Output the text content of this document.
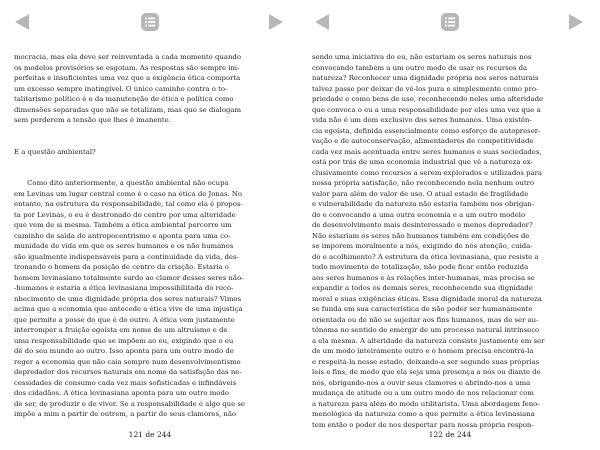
mocracia, mas ela deve ser reinventada a cada momento quando
os modelos provisórios se esgotam. As respostas são sempre im-
perfeitas e insuficientes uma vez que a exigência ética comporta
um excesso sempre inatingível. O único caminho contra o to-
talitarismo político é o da manutenção de ética e política como
dimensões separadas que não se totalizam, mas que se dialogam
sem perderem a tensão que lhes é imanente.

E a questão ambiental?

Como dito anteriormente, a questão ambiental não ocupa
em Levinas um lugar central como é o caso na ética de Jonas. No
entanto, na estrutura da responsabilidade, tal como ela é propos-
ta por Levinas, o eu é destronado do centro por uma alteridade
que vem de si mesma. Também a ética ambiental percorre um
caminho de saída do antropocentrismo e aponta para uma co-
munidade de vida em que os seres humanos e os não humanos
são igualmente indispensáveis para a continuidade da vida, des-
tronando o homem da posição de centro da criação. Estaria o
homem levinasiano totalmente surdo ao clamor desses seres não-
-humanos e estaria a ética levinasiana impossibilitada do reco-
nhecimento de uma dignidade própria dos seres naturais? Vimos
acima que a economia que antecede a ética vive de uma injustiça
que permite a posse do que é do outro. A ética vem justamente
interromper a fruição egoísta em nome de um altruísmo e de
uma responsabilidade que se impõem ao eu, exigindo que o eu
dê do seu mundo ao outro. Isso aponta para um outro modo de
reger a economia que não caia sempre num desenvolvimentismo
depredador dos recursos naturais em nome da satisfação das ne-
cessidades de consumo cada vez mais sofisticadas e infindáveis
dos cidadãos. A ética levinasiana aponta para um outro modo
de ser, de produzir e de viver. Se a responsabilidade é algo que se
impõe a mim a partir de outrem, a partir de seus clamores, não
121 de 244
sendo uma iniciativa do eu, não estariam os seres naturais nos
convocando também a um outro modo de usar os recursos da
natureza? Reconhecer uma dignidade própria nos seres naturais
talvez passe por deixar de vê-los pura e simplesmente como pro-
priedade e como bens de uso, reconhecendo neles uma alteridade
que convoca o eu a uma responsabilidade por eles uma vez que a
vida não é um dom exclusivo dos seres humanos. Uma existên-
cia egoísta, definida essencialmente como esforço de autopreser-
vação e de autoconservação, alimentadores de competitividade
cada vez mais acentuada entre seres humanos e suas sociedades,
está por trás de uma economia industrial que vê a natureza ex-
clusivamente como recursos a serem explorados e utilizados para
nossa própria satisfação, não reconhecendo nela nenhum outro
valor para além do valor de uso. O atual estado de fragilidade
e vulnerabilidade da natureza não estaria também nos obrigan-
do e convocando a uma outra economia e a um outro modelo
de desenvolvimento mais desinteressado e menos depredador?
Não estariam os seres não humanos também em condições de
se imporem moralmente a nós, exigindo de nós atenção, cuida-
do e acolhimento? A estrutura da ética levinasiana, que resiste a
todo movimento de totalização, não pode ficar então reduzida
aos seres humanos e às relações inter-humanas, mas precisa se
expandir a todos os demais seres, reconhecendo sua dignidade
moral e suas exigências éticas. Essa dignidade moral da natureza
se funda em sua característica de não poder ser humanamente
orientada ou de não se sujeitar aos fins humanos, mas de ser au-
tônoma no sentido de emergir de um processo natural intrínseco
a ela mesma. A alteridade da natureza consiste justamente em ser
de um modo inteiramente outro e o homem precisa encontrá-la
e respeitá-la nesse estado, deixando-a ser segundo suas próprias
leis e fins, de modo que ela seja uma presença a nós ou diante de
nós, obrigando-nos a ouvir seus clamores e abrindo-nos a uma
mudança de atitude ou a um outro modo de nos relacionar com
a natureza para além do modo utilitarista. Uma abordagem feno-
menológica da natureza como a que permite a ética levinasiana
tem então o poder de nos despertar para nossa própria respon-
122 de 244
